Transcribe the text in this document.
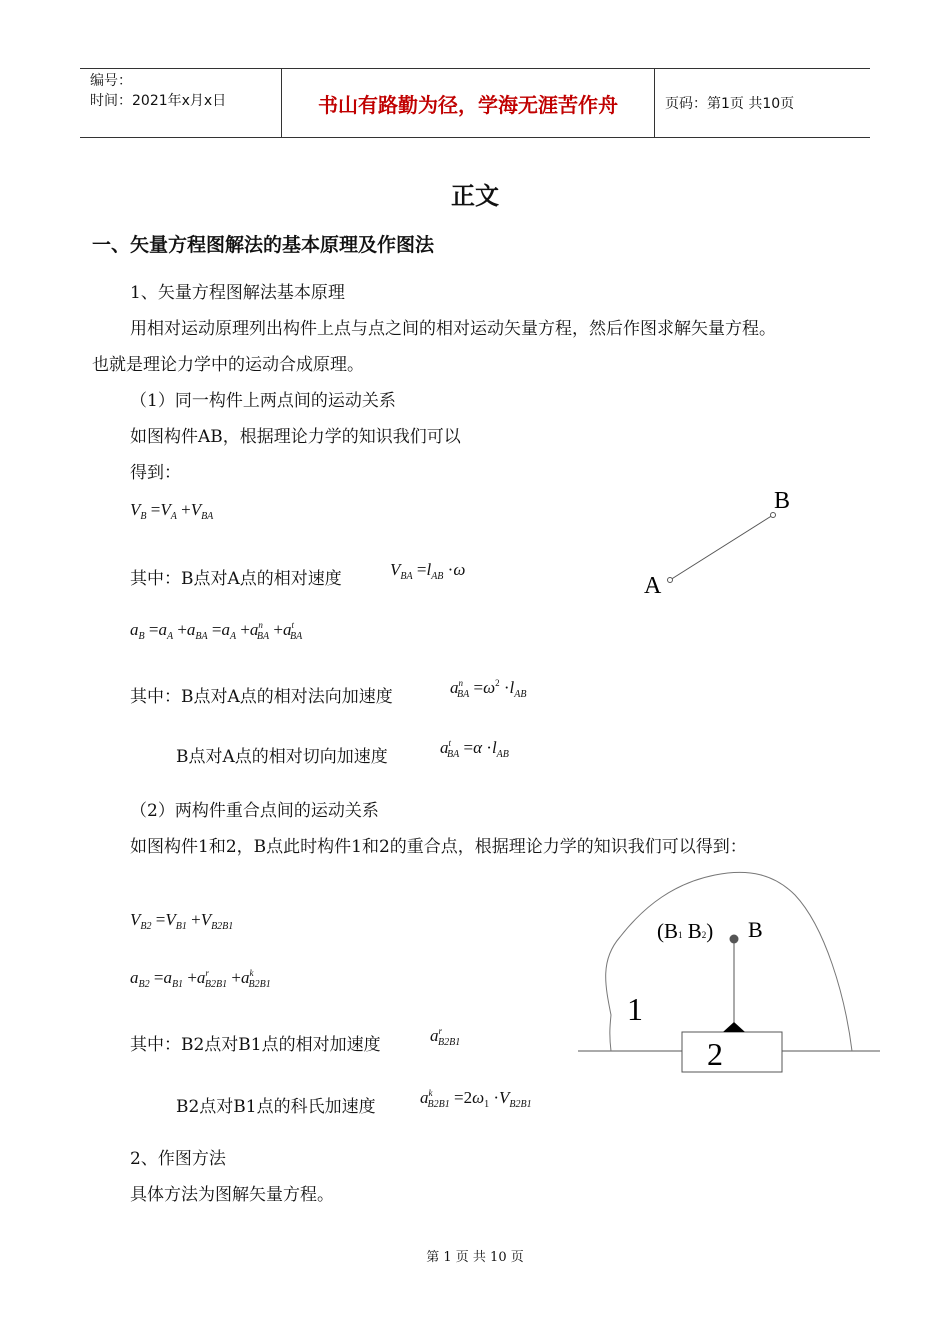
编号：
时间：2021年x月x日	书山有路勤为径，学海无涯苦作舟	页码：第1页 共10页
正文
一、矢量方程图解法的基本原理及作图法
1、矢量方程图解法基本原理
用相对运动原理列出构件上点与点之间的相对运动矢量方程，然后作图求解矢量方程。
也就是理论力学中的运动合成原理。
（1）同一构件上两点间的运动关系
如图构件AB，根据理论力学的知识我们可以
得到：
$V_B =V_A +V_{BA}$
其中：B点对A点的相对速度	$V_{BA} =l_{AB} \cdot\omega$
$a_B =a_A +a_{BA} =a_A +a^n_{BA} +a^t_{BA}$
其中：B点对A点的相对法向加速度	$a^n_{BA} =\omega^2 \cdot l_{AB}$
B点对A点的相对切向加速度	$a^t_{BA} =\alpha \cdot l_{AB}$
（2）两构件重合点间的运动关系
如图构件1和2，B点此时构件1和2的重合点，根据理论力学的知识我们可以得到：
$V_{B2} =V_{B1} +V_{B2B1}$
$a_{B2} =a_{B1} +a^r_{B2B1} +a^k_{B2B1}$
其中：B2点对B1点的相对加速度	$a^r_{B2B1}$
B2点对B1点的科氏加速度	$a^k_{B2B1} =2\omega_1 \cdot V_{B2B1}$
2、作图方法
具体方法为图解矢量方程。
A
B
(B1 B2) B
1
2
第 1 页 共 10 页
